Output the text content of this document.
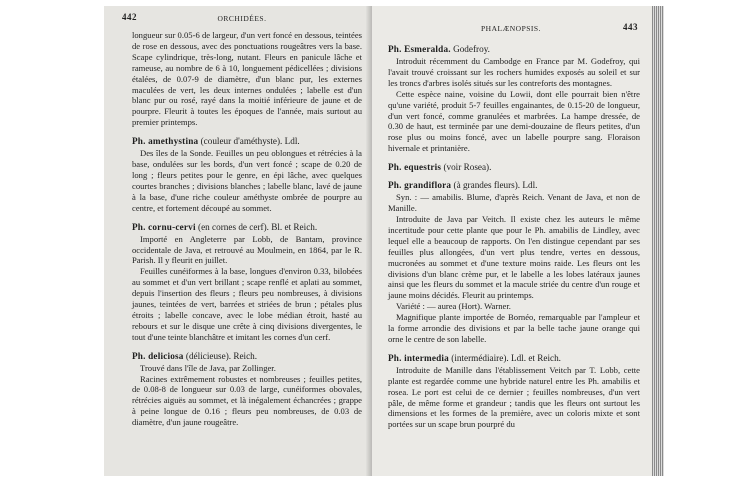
442	ORCHIDÉES.

longueur sur 0.05-6 de largeur, d'un vert foncé en dessous, teintées de rose en dessous, avec des ponctuations rougeâtres vers la base. Scape cylindrique, très-long, nutant. Fleurs en panicule lâche et rameuse, au nombre de 6 à 10, longuement pédicellées ; divisions étalées, de 0.07-9 de diamètre, d'un blanc pur, les externes maculées de vert, les deux internes ondulées ; labelle est d'un blanc pur ou rosé, rayé dans la moitié inférieure de jaune et de pourpre. Fleurit à toutes les époques de l'année, mais surtout au premier printemps.

Ph. amethystina (couleur d'améthyste). Ldl.

Des îles de la Sonde. Feuilles un peu oblongues et rétrécies à la base, ondulées sur les bords, d'un vert foncé ; scape de 0.20 de long ; fleurs petites pour le genre, en épi lâche, avec quelques courtes branches ; divisions blanches ; labelle blanc, lavé de jaune à la base, d'une riche couleur améthyste ombrée de pourpre au centre, et fortement découpé au sommet.

Ph. cornu-cervi (en cornes de cerf). Bl. et Reich.

Importé en Angleterre par Lobb, de Bantam, province occidentale de Java, et retrouvé au Moulmein, en 1864, par le R. Parish. Il y fleurit en juillet.

Feuilles cunéiformes à la base, longues d'environ 0.33, bilobées au sommet et d'un vert brillant ; scape renflé et aplati au sommet, depuis l'insertion des fleurs ; fleurs peu nombreuses, à divisions jaunes, teintées de vert, barrées et striées de brun ; pétales plus étroits ; labelle concave, avec le lobe médian étroit, hasté au rebours et sur le disque une crête à cinq divisions divergentes, le tout d'une teinte blanchâtre et imitant les cornes d'un cerf.

Ph. deliciosa (délicieuse). Reich.

Trouvé dans l'île de Java, par Zollinger.

Racines extrêmement robustes et nombreuses ; feuilles petites, de 0.08-8 de longueur sur 0.03 de large, cunéiformes obovales, rétrécies aiguës au sommet, et là inégalement échancrées ; grappe à peine longue de 0.16 ; fleurs peu nombreuses, de 0.03 de diamètre, d'un jaune rougeâtre.

PHALÆNOPSIS.	443

Ph. Esmeralda. Godefroy.

Introduit récemment du Cambodge en France par M. Godefroy, qui l'avait trouvé croissant sur les rochers humides exposés au soleil et sur les troncs d'arbres isolés situés sur les contreforts des montagnes.

Cette espèce naine, voisine du Lowii, dont elle pourrait bien n'être qu'une variété, produit 5-7 feuilles engainantes, de 0.15-20 de longueur, d'un vert foncé, comme granulées et marbrées. La hampe dressée, de 0.30 de haut, est terminée par une demi-douzaine de fleurs petites, d'un rose plus ou moins foncé, avec un labelle pourpre sang. Floraison hivernale et printanière.

Ph. equestris (voir Rosea).

Ph. grandiflora (à grandes fleurs). Ldl.

Syn. : — amabilis. Blume, d'après Reich. Venant de Java, et non de Manille.

Introduite de Java par Veitch. Il existe chez les auteurs le même incertitude pour cette plante que pour le Ph. amabilis de Lindley, avec lequel elle a beaucoup de rapports. On l'en distingue cependant par ses feuilles plus allongées, d'un vert plus tendre, vertes en dessous, mucronées au sommet et d'une texture moins raide. Les fleurs ont les divisions d'un blanc crème pur, et le labelle a les lobes latéraux jaunes ainsi que les fleurs du sommet et la macule striée du centre d'un rouge et jaune moins décidés. Fleurit au printemps.

Variété : — aurea (Hort). Warner.

Magnifique plante importée de Bornéo, remarquable par l'ampleur et la forme arrondie des divisions et par la belle tache jaune orange qui orne le centre de son labelle.

Ph. intermedia (intermédiaire). Ldl. et Reich.

Introduite de Manille dans l'établissement Veitch par T. Lobb, cette plante est regardée comme une hybride naturel entre les Ph. amabilis et rosea. Le port est celui de ce dernier ; feuilles nombreuses, d'un vert pâle, de même forme et grandeur ; tandis que les fleurs ont surtout les dimensions et les formes de la première, avec un coloris mixte et sont portées sur un scape brun pourpré du
